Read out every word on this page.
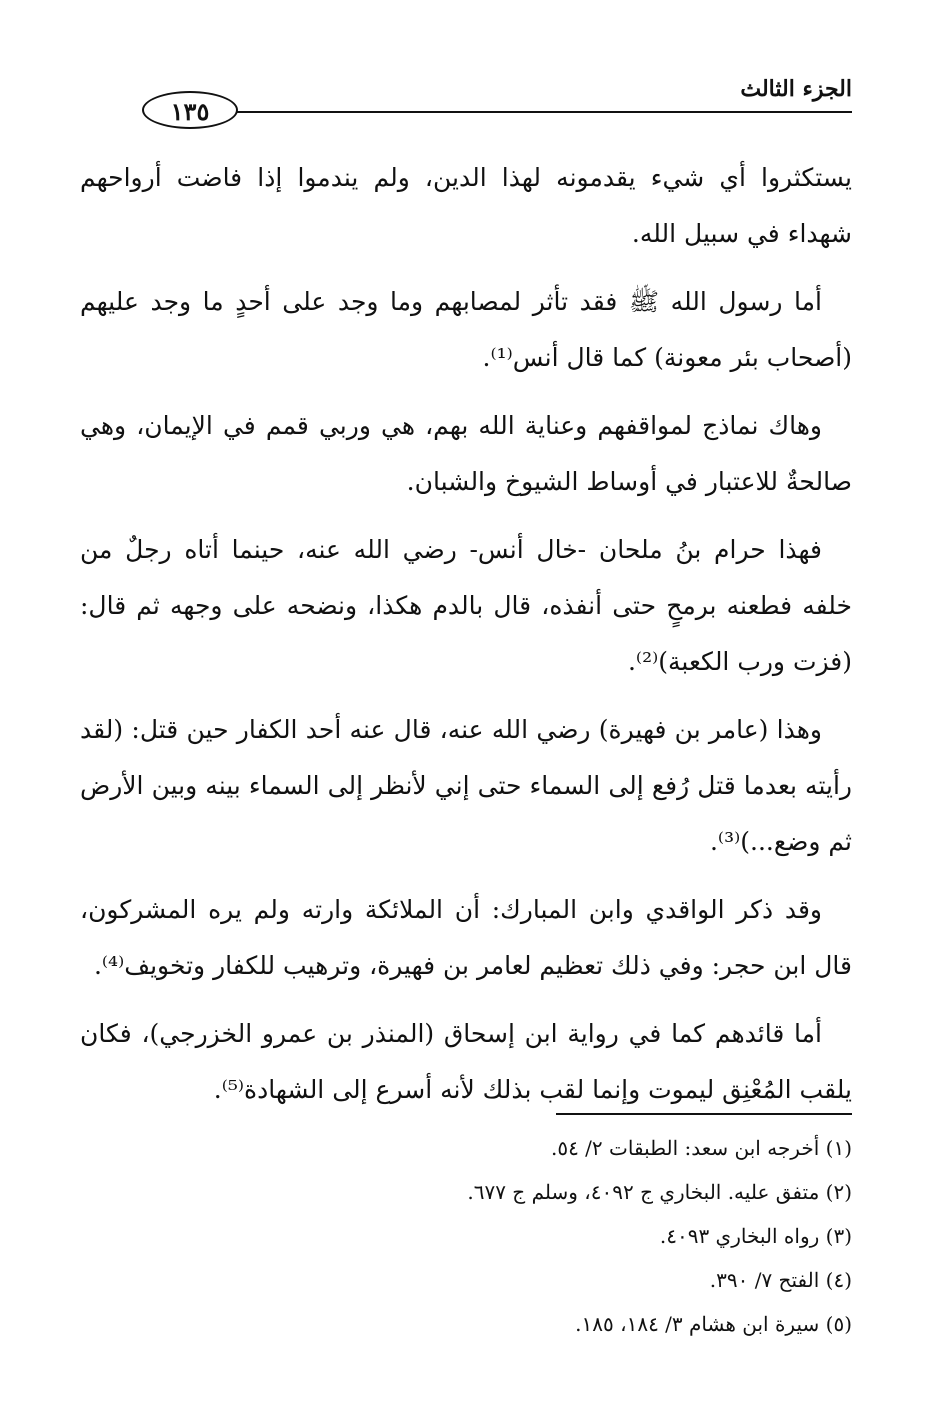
الجزء الثالث
١٣٥

يستكثروا أي شيء يقدمونه لهذا الدين، ولم يندموا إذا فاضت أرواحهم شهداء في سبيل الله.

أما رسول الله ﷺ فقد تأثر لمصابهم وما وجد على أحدٍ ما وجد عليهم (أصحاب بئر معونة) كما قال أنس⁽¹⁾.

وهاك نماذج لمواقفهم وعناية الله بهم، هي وربي قمم في الإيمان، وهي صالحةٌ للاعتبار في أوساط الشيوخ والشبان.

فهذا حرام بنُ ملحان -خال أنس- رضي الله عنه، حينما أتاه رجلٌ من خلفه فطعنه برمحٍ حتى أنفذه، قال بالدم هكذا، ونضحه على وجهه ثم قال: (فزت ورب الكعبة)⁽²⁾.

وهذا (عامر بن فهيرة) رضي الله عنه، قال عنه أحد الكفار حين قتل: (لقد رأيته بعدما قتل رُفع إلى السماء حتى إني لأنظر إلى السماء بينه وبين الأرض ثم وضع...)⁽³⁾.

وقد ذكر الواقدي وابن المبارك: أن الملائكة وارته ولم يره المشركون، قال ابن حجر: وفي ذلك تعظيم لعامر بن فهيرة، وترهيب للكفار وتخويف⁽⁴⁾.

أما قائدهم كما في رواية ابن إسحاق (المنذر بن عمرو الخزرجي)، فكان يلقب المُعْنِق ليموت وإنما لقب بذلك لأنه أسرع إلى الشهادة⁽⁵⁾.

(١) أخرجه ابن سعد: الطبقات ٢/ ٥٤.

(٢) متفق عليه. البخاري ج ٤٠٩٢، وسلم ج ٦٧٧.

(٣) رواه البخاري ٤٠٩٣.

(٤) الفتح ٧/ ٣٩٠.

(٥) سيرة ابن هشام ٣/ ١٨٤، ١٨٥.
